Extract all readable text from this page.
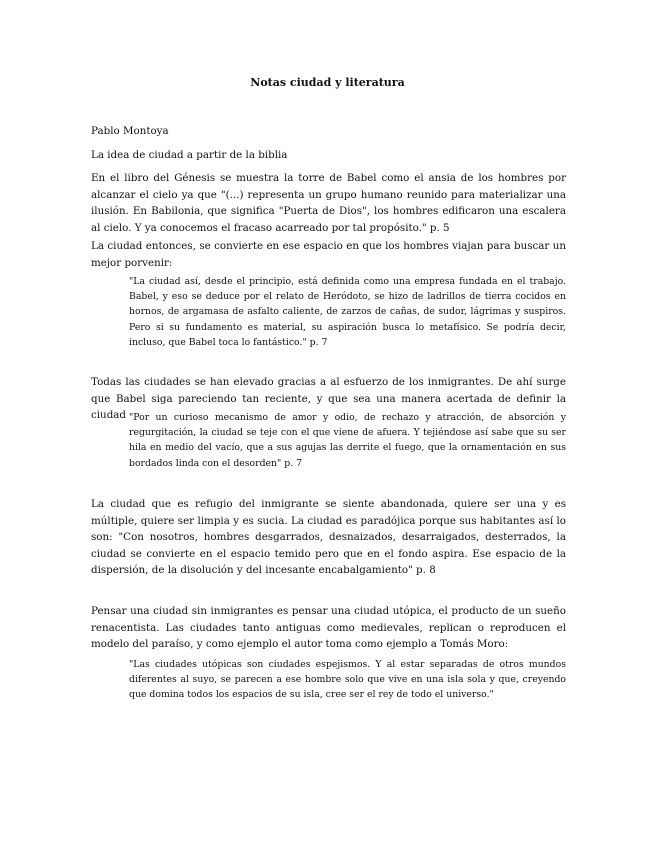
Notas ciudad y literatura

Pablo Montoya

La idea de ciudad a partir de la biblia

En el libro del Génesis se muestra la torre de Babel como el ansia de los hombres por alcanzar el cielo ya que "(...) representa un grupo humano reunido para materializar una ilusión. En Babilonia, que significa "Puerta de Dios", los hombres edificaron una escalera al cielo. Y ya conocemos el fracaso acarreado por tal propósito." p. 5

La ciudad entonces, se convierte en ese espacio en que los hombres viajan para buscar un mejor porvenir:

"La ciudad así, desde el principio, está definida como una empresa fundada en el trabajo. Babel, y eso se deduce por el relato de Heródoto, se hizo de ladrillos de tierra cocidos en hornos, de argamasa de asfalto caliente, de zarzos de cañas, de sudor, lágrimas y suspiros. Pero si su fundamento es material, su aspiración busca lo metafísico. Se podría decir, incluso, que Babel toca lo fantástico." p. 7

Todas las ciudades se han elevado gracias a al esfuerzo de los inmigrantes. De ahí surge que Babel siga pareciendo tan reciente, y que sea una manera acertada de definir la ciudad "Por un curioso mecanismo de amor y odio, de rechazo y atracción, de absorción y regurgitación, la ciudad se teje con el que viene de afuera. Y tejiéndose así sabe que su ser hila en medio del vacío, que a sus agujas las derrite el fuego, que la ornamentación en sus bordados linda con el desorden" p. 7

La ciudad que es refugio del inmigrante se siente abandonada, quiere ser una y es múltiple, quiere ser limpia y es sucia. La ciudad es paradójica porque sus habitantes así lo son: "Con nosotros, hombres desgarrados, desnaizados, desarraigados, desterrados, la ciudad se convierte en el espacio temido pero que en el fondo aspira. Ese espacio de la dispersión, de la disolución y del incesante encabalgamiento" p. 8

Pensar una ciudad sin inmigrantes es pensar una ciudad utópica, el producto de un sueño renacentista. Las ciudades tanto antiguas como medievales, replican o reproducen el modelo del paraíso, y como ejemplo el autor toma como ejemplo a Tomás Moro:

"Las ciudades utópicas son ciudades espejismos. Y al estar separadas de otros mundos diferentes al suyo, se parecen a ese hombre solo que vive en una isla sola y que, creyendo que domina todos los espacios de su isla, cree ser el rey de todo el universo."
